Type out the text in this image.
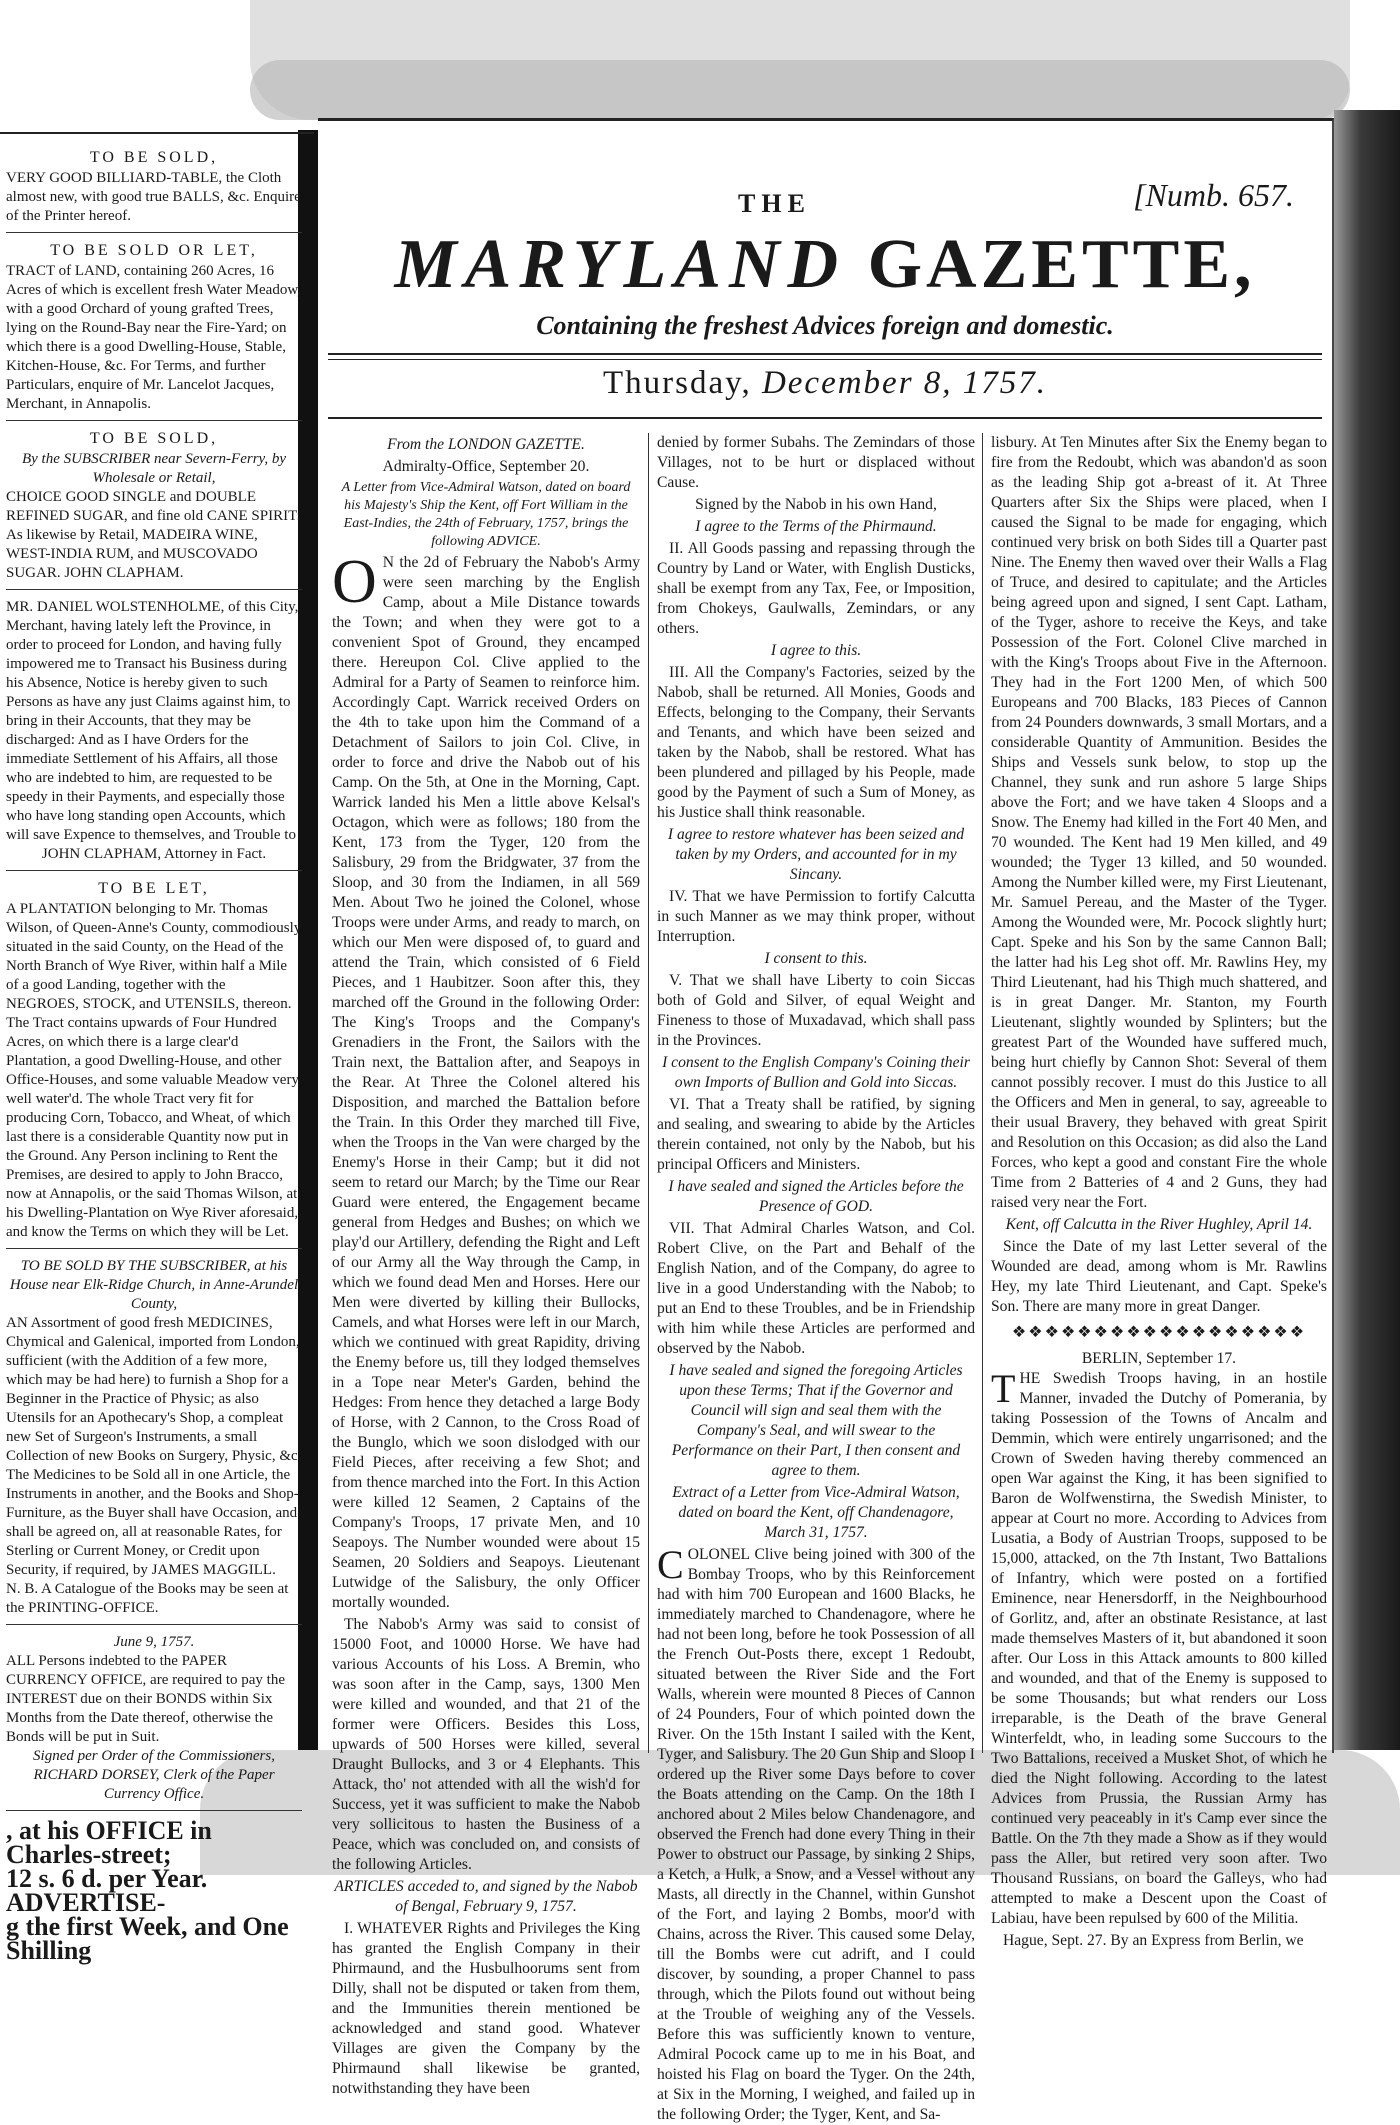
TO BE SOLD,

VERY GOOD BILLIARD-TABLE, the Cloth almost new, with good true BALLS, &c. Enquire of the Printer hereof.

TO BE SOLD OR LET,

TRACT of LAND, containing 260 Acres, 16 Acres of which is excellent fresh Water Meadow, with a good Orchard of young grafted Trees, lying on the Round-Bay near the Fire-Yard; on which there is a good Dwelling-House, Stable, Kitchen-House, &c. For Terms, and further Particulars, enquire of Mr. Lancelot Jacques, Merchant, in Annapolis.

TO BE SOLD,

By the SUBSCRIBER near Severn-Ferry, by Wholesale or Retail,

CHOICE GOOD SINGLE and DOUBLE REFINED SUGAR, and fine old CANE SPIRIT: As likewise by Retail, MADEIRA WINE, WEST-INDIA RUM, and MUSCOVADO SUGAR. JOHN CLAPHAM.

MR. DANIEL WOLSTENHOLME, of this City, Merchant, having lately left the Province, in order to proceed for London, and having fully impowered me to Transact his Business during his Absence, Notice is hereby given to such Persons as have any just Claims against him, to bring in their Accounts, that they may be discharged: And as I have Orders for the immediate Settlement of his Affairs, all those who are indebted to him, are requested to be speedy in their Payments, and especially those who have long standing open Accounts, which will save Expence to themselves, and Trouble to

JOHN CLAPHAM, Attorney in Fact.

TO BE LET,

A PLANTATION belonging to Mr. Thomas Wilson, of Queen-Anne's County, commodiously situated in the said County, on the Head of the North Branch of Wye River, within half a Mile of a good Landing, together with the NEGROES, STOCK, and UTENSILS, thereon. The Tract contains upwards of Four Hundred Acres, on which there is a large clear'd Plantation, a good Dwelling-House, and other Office-Houses, and some valuable Meadow very well water'd. The whole Tract very fit for producing Corn, Tobacco, and Wheat, of which last there is a considerable Quantity now put in the Ground. Any Person inclining to Rent the Premises, are desired to apply to John Bracco, now at Annapolis, or the said Thomas Wilson, at his Dwelling-Plantation on Wye River aforesaid, and know the Terms on which they will be Let.

TO BE SOLD BY THE SUBSCRIBER, at his House near Elk-Ridge Church, in Anne-Arundel County,

AN Assortment of good fresh MEDICINES, Chymical and Galenical, imported from London, sufficient (with the Addition of a few more, which may be had here) to furnish a Shop for a Beginner in the Practice of Physic; as also Utensils for an Apothecary's Shop, a compleat new Set of Surgeon's Instruments, a small Collection of new Books on Surgery, Physic, &c. The Medicines to be Sold all in one Article, the Instruments in another, and the Books and Shop-Furniture, as the Buyer shall have Occasion, and shall be agreed on, all at reasonable Rates, for Sterling or Current Money, or Credit upon Security, if required, by JAMES MAGGILL.

N. B. A Catalogue of the Books may be seen at the PRINTING-OFFICE.

June 9, 1757.

ALL Persons indebted to the PAPER CURRENCY OFFICE, are required to pay the INTEREST due on their BONDS within Six Months from the Date thereof, otherwise the Bonds will be put in Suit.

Signed per Order of the Commissioners, RICHARD DORSEY, Clerk of the Paper Currency Office.

, at his OFFICE in Charles-street;

12 s. 6 d. per Year. ADVERTISE-

g the first Week, and One Shilling

THE	[Numb. 657.
MARYLAND GAZETTE,
Containing the freshest Advices foreign and domestic.
Thursday, December 8, 1757.
From the LONDON GAZETTE.
Admiralty-Office, September 20.
A Letter from Vice-Admiral Watson, dated on board his Majesty's Ship the Kent, off Fort William in the East-Indies, the 24th of February, 1757, brings the following ADVICE.

O N the 2d of February the Nabob's Army were seen marching by the English Camp, about a Mile Distance towards the Town; and when they were got to a convenient Spot of Ground, they encamped there. Hereupon Col. Clive applied to the Admiral for a Party of Seamen to reinforce him. Accordingly Capt. Warrick received Orders on the 4th to take upon him the Command of a Detachment of Sailors to join Col. Clive, in order to force and drive the Nabob out of his Camp. On the 5th, at One in the Morning, Capt. Warrick landed his Men a little above Kelsal's Octagon, which were as follows; 180 from the Kent, 173 from the Tyger, 120 from the Salisbury, 29 from the Bridgwater, 37 from the Sloop, and 30 from the Indiamen, in all 569 Men. About Two he joined the Colonel, whose Troops were under Arms, and ready to march, on which our Men were disposed of, to guard and attend the Train, which consisted of 6 Field Pieces, and 1 Haubitzer. Soon after this, they marched off the Ground in the following Order: The King's Troops and the Company's Grenadiers in the Front, the Sailors with the Train next, the Battalion after, and Seapoys in the Rear. At Three the Colonel altered his Disposition, and marched the Battalion before the Train. In this Order they marched till Five, when the Troops in the Van were charged by the Enemy's Horse in their Camp; but it did not seem to retard our March; by the Time our Rear Guard were entered, the Engagement became general from Hedges and Bushes; on which we play'd our Artillery, defending the Right and Left of our Army all the Way through the Camp, in which we found dead Men and Horses. Here our Men were diverted by killing their Bullocks, Camels, and what Horses were left in our March, which we continued with great Rapidity, driving the Enemy before us, till they lodged themselves in a Tope near Meter's Garden, behind the Hedges: From hence they detached a large Body of Horse, with 2 Cannon, to the Cross Road of the Bunglo, which we soon dislodged with our Field Pieces, after receiving a few Shot; and from thence marched into the Fort. In this Action were killed 12 Seamen, 2 Captains of the Company's Troops, 17 private Men, and 10 Seapoys. The Number wounded were about 15 Seamen, 20 Soldiers and Seapoys. Lieutenant Lutwidge of the Salisbury, the only Officer mortally wounded.

The Nabob's Army was said to consist of 15000 Foot, and 10000 Horse. We have had various Accounts of his Loss. A Bremin, who was soon after in the Camp, says, 1300 Men were killed and wounded, and that 21 of the former were Officers. Besides this Loss, upwards of 500 Horses were killed, several Draught Bullocks, and 3 or 4 Elephants. This Attack, tho' not attended with all the wish'd for Success, yet it was sufficient to make the Nabob very sollicitous to hasten the Business of a Peace, which was concluded on, and consists of the following Articles.

ARTICLES acceded to, and signed by the Nabob of Bengal, February 9, 1757.

I. WHATEVER Rights and Privileges the King has granted the English Company in their Phirmaund, and the Husbulhoorums sent from Dilly, shall not be disputed or taken from them, and the Immunities therein mentioned be acknowledged and stand good. Whatever Villages are given the Company by the Phirmaund shall likewise be granted, notwithstanding they have been

denied by former Subahs. The Zemindars of those Villages, not to be hurt or displaced without Cause.

Signed by the Nabob in his own Hand,
I agree to the Terms of the Phirmaund.

II. All Goods passing and repassing through the Country by Land or Water, with English Dusticks, shall be exempt from any Tax, Fee, or Imposition, from Chokeys, Gaulwalls, Zemindars, or any others.

I agree to this.

III. All the Company's Factories, seized by the Nabob, shall be returned. All Monies, Goods and Effects, belonging to the Company, their Servants and Tenants, and which have been seized and taken by the Nabob, shall be restored. What has been plundered and pillaged by his People, made good by the Payment of such a Sum of Money, as his Justice shall think reasonable.

I agree to restore whatever has been seized and taken by my Orders, and accounted for in my Sincany.

IV. That we have Permission to fortify Calcutta in such Manner as we may think proper, without Interruption.

I consent to this.

V. That we shall have Liberty to coin Siccas both of Gold and Silver, of equal Weight and Fineness to those of Muxadavad, which shall pass in the Provinces.

I consent to the English Company's Coining their own Imports of Bullion and Gold into Siccas.

VI. That a Treaty shall be ratified, by signing and sealing, and swearing to abide by the Articles therein contained, not only by the Nabob, but his principal Officers and Ministers.

I have sealed and signed the Articles before the Presence of GOD.

VII. That Admiral Charles Watson, and Col. Robert Clive, on the Part and Behalf of the English Nation, and of the Company, do agree to live in a good Understanding with the Nabob; to put an End to these Troubles, and be in Friendship with him while these Articles are performed and observed by the Nabob.

I have sealed and signed the foregoing Articles upon these Terms; That if the Governor and Council will sign and seal them with the Company's Seal, and will swear to the Performance on their Part, I then consent and agree to them.
Extract of a Letter from Vice-Admiral Watson, dated on board the Kent, off Chandenagore, March 31, 1757.

COLONEL Clive being joined with 300 of the Bombay Troops, who by this Reinforcement had with him 700 European and 1600 Blacks, he immediately marched to Chandenagore, where he had not been long, before he took Possession of all the French Out-Posts there, except 1 Redoubt, situated between the River Side and the Fort Walls, wherein were mounted 8 Pieces of Cannon of 24 Pounders, Four of which pointed down the River. On the 15th Instant I sailed with the Kent, Tyger, and Salisbury. The 20 Gun Ship and Sloop I ordered up the River some Days before to cover the Boats attending on the Camp. On the 18th I anchored about 2 Miles below Chandenagore, and observed the French had done every Thing in their Power to obstruct our Passage, by sinking 2 Ships, a Ketch, a Hulk, a Snow, and a Vessel without any Masts, all directly in the Channel, within Gunshot of the Fort, and laying 2 Bombs, moor'd with Chains, across the River. This caused some Delay, till the Bombs were cut adrift, and I could discover, by sounding, a proper Channel to pass through, which the Pilots found out without being at the Trouble of weighing any of the Vessels. Before this was sufficiently known to venture, Admiral Pocock came up to me in his Boat, and hoisted his Flag on board the Tyger. On the 24th, at Six in the Morning, I weighed, and failed up in the following Order; the Tyger, Kent, and Sa-

lisbury. At Ten Minutes after Six the Enemy began to fire from the Redoubt, which was abandon'd as soon as the leading Ship got a-breast of it. At Three Quarters after Six the Ships were placed, when I caused the Signal to be made for engaging, which continued very brisk on both Sides till a Quarter past Nine. The Enemy then waved over their Walls a Flag of Truce, and desired to capitulate; and the Articles being agreed upon and signed, I sent Capt. Latham, of the Tyger, ashore to receive the Keys, and take Possession of the Fort. Colonel Clive marched in with the King's Troops about Five in the Afternoon. They had in the Fort 1200 Men, of which 500 Europeans and 700 Blacks, 183 Pieces of Cannon from 24 Pounders downwards, 3 small Mortars, and a considerable Quantity of Ammunition. Besides the Ships and Vessels sunk below, to stop up the Channel, they sunk and run ashore 5 large Ships above the Fort; and we have taken 4 Sloops and a Snow. The Enemy had killed in the Fort 40 Men, and 70 wounded. The Kent had 19 Men killed, and 49 wounded; the Tyger 13 killed, and 50 wounded. Among the Number killed were, my First Lieutenant, Mr. Samuel Pereau, and the Master of the Tyger. Among the Wounded were, Mr. Pocock slightly hurt; Capt. Speke and his Son by the same Cannon Ball; the latter had his Leg shot off. Mr. Rawlins Hey, my Third Lieutenant, had his Thigh much shattered, and is in great Danger. Mr. Stanton, my Fourth Lieutenant, slightly wounded by Splinters; but the greatest Part of the Wounded have suffered much, being hurt chiefly by Cannon Shot: Several of them cannot possibly recover. I must do this Justice to all the Officers and Men in general, to say, agreeable to their usual Bravery, they behaved with great Spirit and Resolution on this Occasion; as did also the Land Forces, who kept a good and constant Fire the whole Time from 2 Batteries of 4 and 2 Guns, they had raised very near the Fort.

Kent, off Calcutta in the River Hughley, April 14.

Since the Date of my last Letter several of the Wounded are dead, among whom is Mr. Rawlins Hey, my late Third Lieutenant, and Capt. Speke's Son. There are many more in great Danger.

❖❖❖❖❖❖❖❖❖❖❖❖❖❖❖❖❖❖
BERLIN, September 17.

THE Swedish Troops having, in an hostile Manner, invaded the Dutchy of Pomerania, by taking Possession of the Towns of Ancalm and Demmin, which were entirely ungarrisoned; and the Crown of Sweden having thereby commenced an open War against the King, it has been signified to Baron de Wolfwenstirna, the Swedish Minister, to appear at Court no more. According to Advices from Lusatia, a Body of Austrian Troops, supposed to be 15,000, attacked, on the 7th Instant, Two Battalions of Infantry, which were posted on a fortified Eminence, near Henersdorff, in the Neighbourhood of Gorlitz, and, after an obstinate Resistance, at last made themselves Masters of it, but abandoned it soon after. Our Loss in this Attack amounts to 800 killed and wounded, and that of the Enemy is supposed to be some Thousands; but what renders our Loss irreparable, is the Death of the brave General Winterfeldt, who, in leading some Succours to the Two Battalions, received a Musket Shot, of which he died the Night following. According to the latest Advices from Prussia, the Russian Army has continued very peaceably in it's Camp ever since the Battle. On the 7th they made a Show as if they would pass the Aller, but retired very soon after. Two Thousand Russians, on board the Galleys, who had attempted to make a Descent upon the Coast of Labiau, have been repulsed by 600 of the Militia.

Hague, Sept. 27. By an Express from Berlin, we
